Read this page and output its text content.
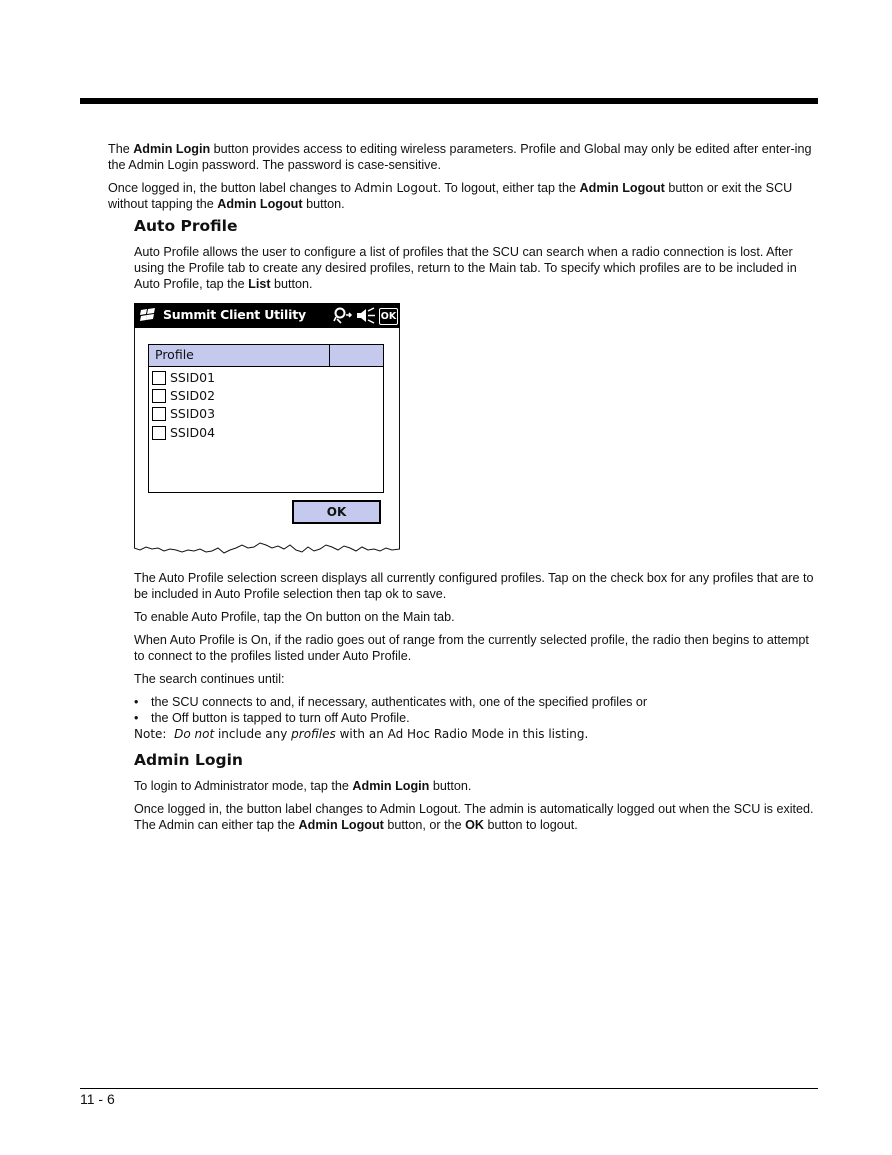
The Admin Login button provides access to editing wireless parameters. Profile and Global may only be edited after enter-ing the Admin Login password. The password is case-sensitive.

Once logged in, the button label changes to Admin Logout. To logout, either tap the Admin Logout button or exit the SCU without tapping the Admin Logout button.

Auto Profile

Auto Profile allows the user to configure a list of profiles that the SCU can search when a radio connection is lost. After using the Profile tab to create any desired profiles, return to the Main tab. To specify which profiles are to be included in Auto Profile, tap the List button.

Summit Client Utility	OK
Profile
SSID01
SSID02
SSID03
SSID04
OK

The Auto Profile selection screen displays all currently configured profiles. Tap on the check box for any profiles that are to be included in Auto Profile selection then tap ok to save.

To enable Auto Profile, tap the On button on the Main tab.

When Auto Profile is On, if the radio goes out of range from the currently selected profile, the radio then begins to attempt to connect to the profiles listed under Auto Profile.

The search continues until:

• the SCU connects to and, if necessary, authenticates with, one of the specified profiles or
• the Off button is tapped to turn off Auto Profile.
Note: Do not include any profiles with an Ad Hoc Radio Mode in this listing.
Admin Login

To login to Administrator mode, tap the Admin Login button.

Once logged in, the button label changes to Admin Logout. The admin is automatically logged out when the SCU is exited. The Admin can either tap the Admin Logout button, or the OK button to logout.

11 - 6
